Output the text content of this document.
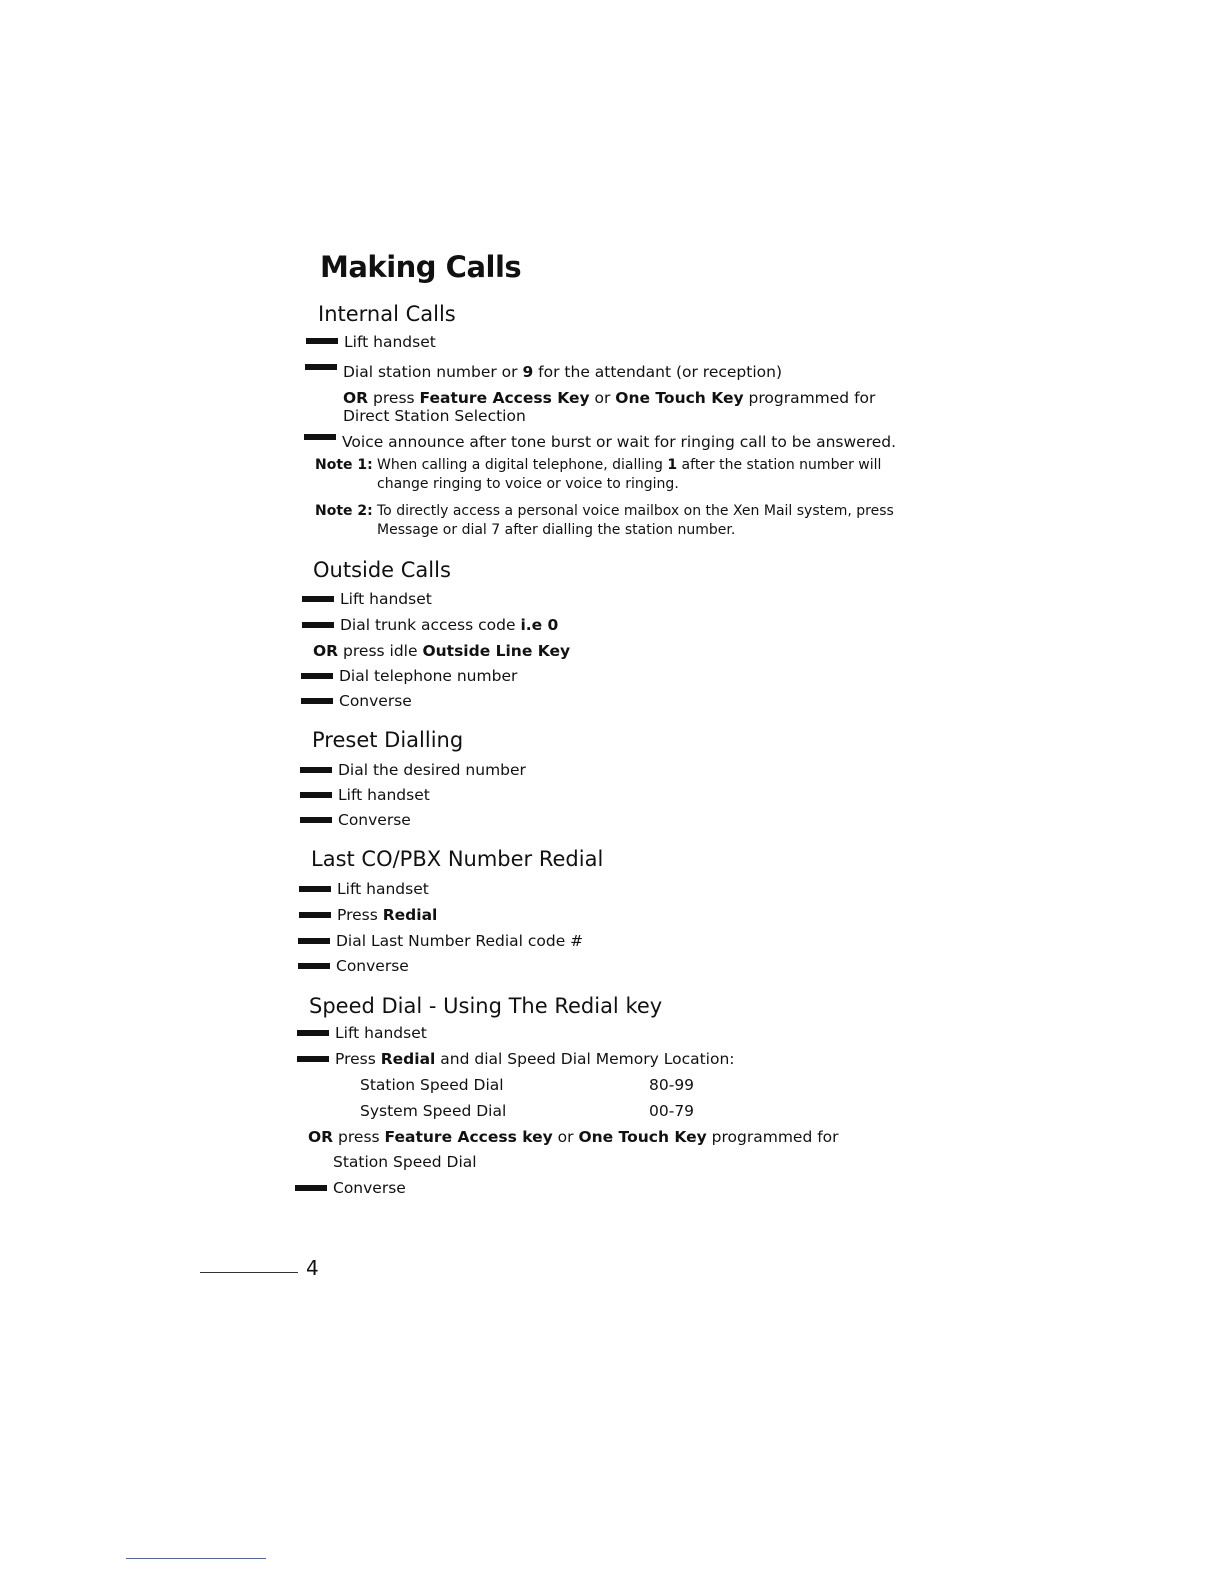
Making Calls
Internal Calls
Lift handset
Dial station number or 9 for the attendant (or reception)
OR press Feature Access Key or One Touch Key programmed for
Direct Station Selection
Voice announce after tone burst or wait for ringing call to be answered.
Note 1: When calling a digital telephone, dialling 1 after the station number will change ringing to voice or voice to ringing.
Note 2: To directly access a personal voice mailbox on the Xen Mail system, press Message or dial 7 after dialling the station number.
Outside Calls
Lift handset
Dial trunk access code i.e 0
OR press idle Outside Line Key
Dial telephone number
Converse
Preset Dialling
Dial the desired number
Lift handset
Converse
Last CO/PBX Number Redial
Lift handset
Press Redial
Dial Last Number Redial code #
Converse
Speed Dial - Using The Redial key
Lift handset
Press Redial and dial Speed Dial Memory Location:
Station Speed Dial	80-99
System Speed Dial	00-79
OR press Feature Access key or One Touch Key programmed for
Station Speed Dial
Converse
4
